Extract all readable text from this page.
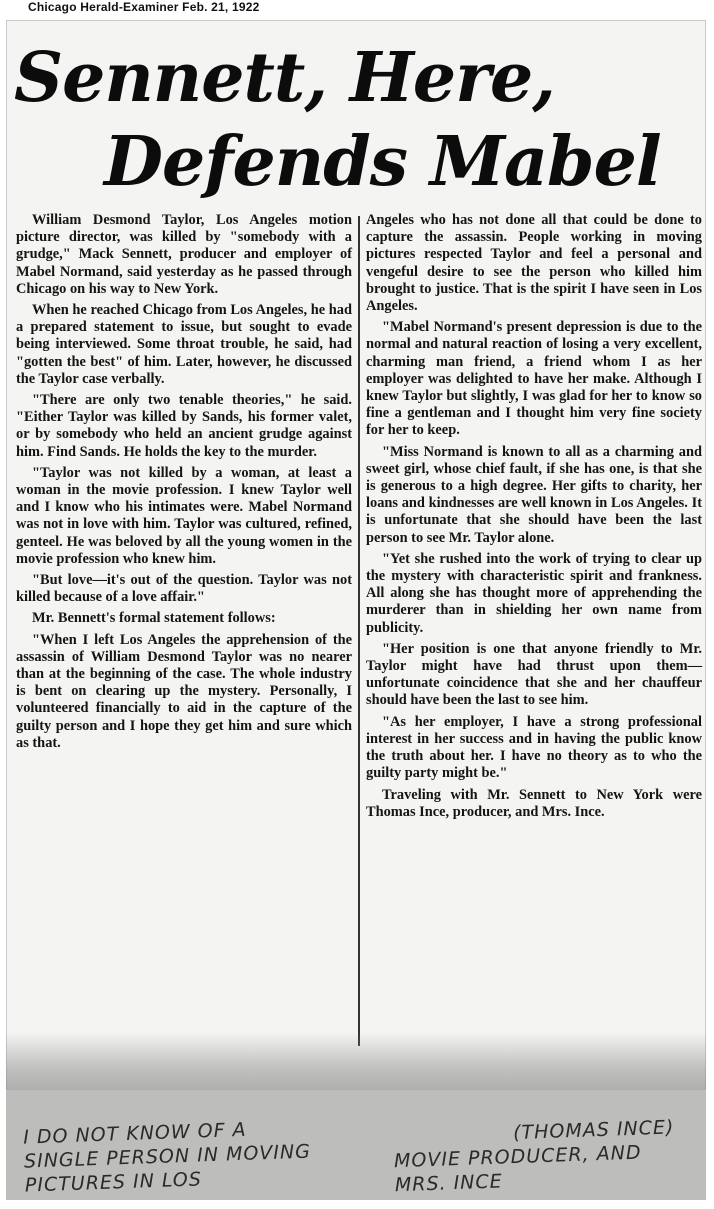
Chicago Herald-Examiner Feb. 21, 1922
Sennett, Here,
Defends Mabel

William Desmond Taylor, Los Angeles motion picture director, was killed by "somebody with a grudge," Mack Sennett, producer and employer of Mabel Normand, said yesterday as he passed through Chicago on his way to New York.

When he reached Chicago from Los Angeles, he had a prepared statement to issue, but sought to evade being interviewed. Some throat trouble, he said, had "gotten the best" of him. Later, however, he discussed the Taylor case verbally.

"There are only two tenable theories," he said. "Either Taylor was killed by Sands, his former valet, or by somebody who held an ancient grudge against him. Find Sands. He holds the key to the murder.

"Taylor was not killed by a woman, at least a woman in the movie profession. I knew Taylor well and I know who his intimates were. Mabel Normand was not in love with him. Taylor was cultured, refined, genteel. He was beloved by all the young women in the movie profession who knew him.

"But love—it's out of the question. Taylor was not killed because of a love affair."

Mr. Bennett's formal statement follows:

"When I left Los Angeles the apprehension of the assassin of William Desmond Taylor was no nearer than at the beginning of the case. The whole industry is bent on clearing up the mystery. Personally, I volunteered financially to aid in the capture of the guilty person and I hope they get him and sure which as that.

Angeles who has not done all that could be done to capture the assassin. People working in moving pictures respected Taylor and feel a personal and vengeful desire to see the person who killed him brought to justice. That is the spirit I have seen in Los Angeles.

"Mabel Normand's present depression is due to the normal and natural reaction of losing a very excellent, charming man friend, a friend whom I as her employer was delighted to have her make. Although I knew Taylor but slightly, I was glad for her to know so fine a gentleman and I thought him very fine society for her to keep.

"Miss Normand is known to all as a charming and sweet girl, whose chief fault, if she has one, is that she is generous to a high degree. Her gifts to charity, her loans and kindnesses are well known in Los Angeles. It is unfortunate that she should have been the last person to see Mr. Taylor alone.

"Yet she rushed into the work of trying to clear up the mystery with characteristic spirit and frankness. All along she has thought more of apprehending the murderer than in shielding her own name from publicity.

"Her position is one that anyone friendly to Mr. Taylor might have had thrust upon them—unfortunate coincidence that she and her chauffeur should have been the last to see him.

"As her employer, I have a strong professional interest in her success and in having the public know the truth about her. I have no theory as to who the guilty party might be."

Traveling with Mr. Sennett to New York were Thomas Ince, producer, and Mrs. Ince.

I DO NOT KNOW OF A
SINGLE PERSON IN MOVING
PICTURES IN LOS
(THOMAS INCE)
MOVIE PRODUCER, AND
MRS. INCE
